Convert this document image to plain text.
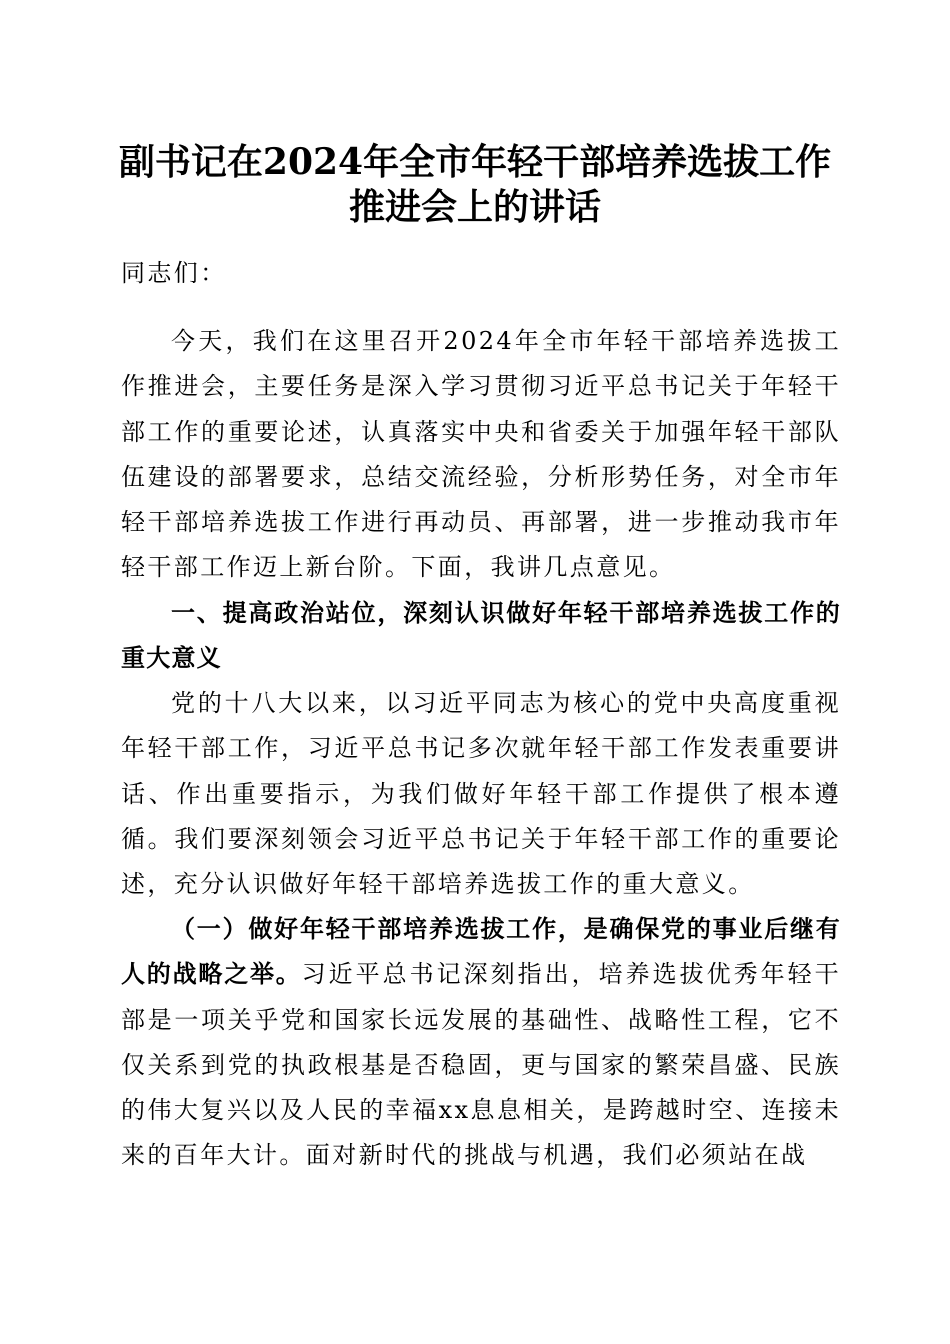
副书记在2024年全市年轻干部培养选拔工作
推进会上的讲话
同志们：
今天，我们在这里召开2024年全市年轻干部培养选拔工作推进会，主要任务是深入学习贯彻习近平总书记关于年轻干部工作的重要论述，认真落实中央和省委关于加强年轻干部队伍建设的部署要求，总结交流经验，分析形势任务，对全市年轻干部培养选拔工作进行再动员、再部署，进一步推动我市年轻干部工作迈上新台阶。下面，我讲几点意见。
一、提高政治站位，深刻认识做好年轻干部培养选拔工作的重大意义
党的十八大以来，以习近平同志为核心的党中央高度重视年轻干部工作，习近平总书记多次就年轻干部工作发表重要讲话、作出重要指示，为我们做好年轻干部工作提供了根本遵循。我们要深刻领会习近平总书记关于年轻干部工作的重要论述，充分认识做好年轻干部培养选拔工作的重大意义。
（一）做好年轻干部培养选拔工作，是确保党的事业后继有人的战略之举。习近平总书记深刻指出，培养选拔优秀年轻干部是一项关乎党和国家长远发展的基础性、战略性工程，它不仅关系到党的执政根基是否稳固，更与国家的繁荣昌盛、民族的伟大复兴以及人民的幸福xx息息相关，是跨越时空、连接未来的百年大计。面对新时代的挑战与机遇，我们必须站在战
